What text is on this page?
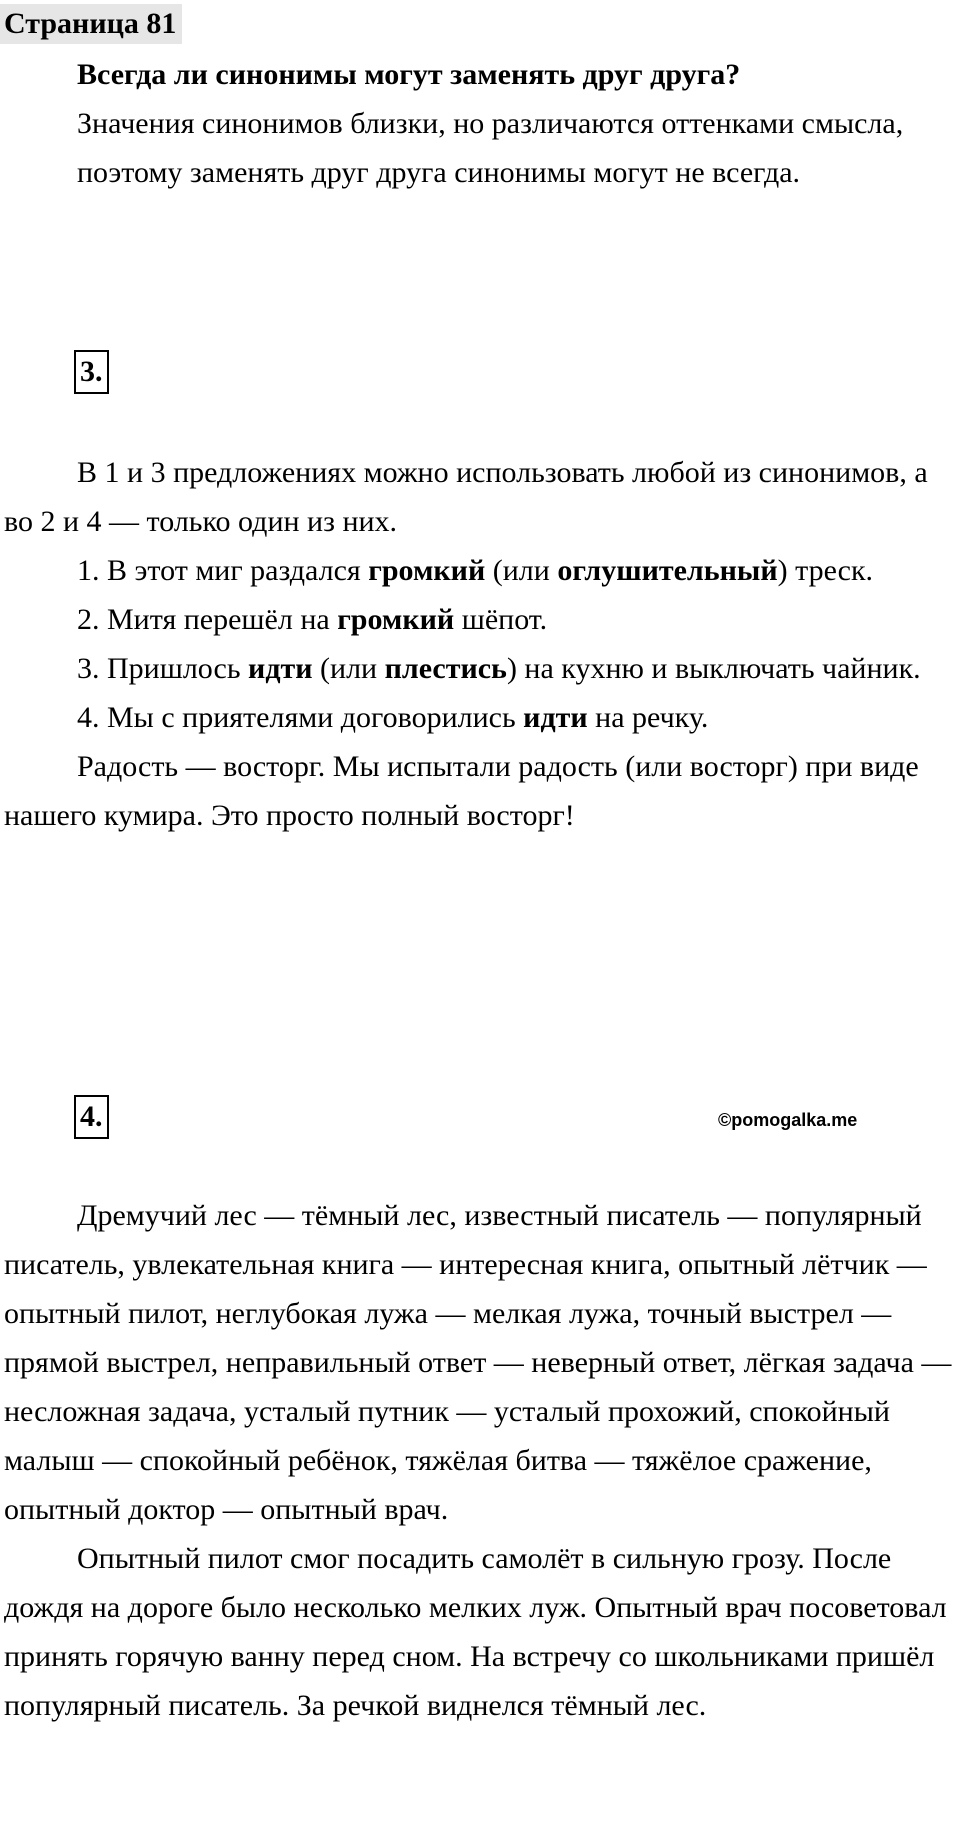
Страница 81

Всегда ли синонимы могут заменять друг друга?

Значения синонимов близки, но различаются оттенками смысла, поэтому заменять друг друга синонимы могут не всегда.

3.

В 1 и 3 предложениях можно использовать любой из синонимов, а во 2 и 4 — только один из них.

1. В этот миг раздался громкий (или оглушительный) треск.

2. Митя перешёл на громкий шёпот.

3. Пришлось идти (или плестись) на кухню и выключать чайник.

4. Мы с приятелями договорились идти на речку.

Радость — восторг. Мы испытали радость (или восторг) при виде нашего кумира. Это просто полный восторг!

4.	©pomogalka.me

Дремучий лес — тёмный лес, известный писатель — популярный писатель, увлекательная книга — интересная книга, опытный лётчик — опытный пилот, неглубокая лужа — мелкая лужа, точный выстрел — прямой выстрел, неправильный ответ — неверный ответ, лёгкая задача — несложная задача, усталый путник — усталый прохожий, спокойный малыш — спокойный ребёнок, тяжёлая битва — тяжёлое сражение, опытный доктор — опытный врач.

Опытный пилот смог посадить самолёт в сильную грозу. После дождя на дороге было несколько мелких луж. Опытный врач посоветовал принять горячую ванну перед сном. На встречу со школьниками пришёл популярный писатель. За речкой виднелся тёмный лес.
